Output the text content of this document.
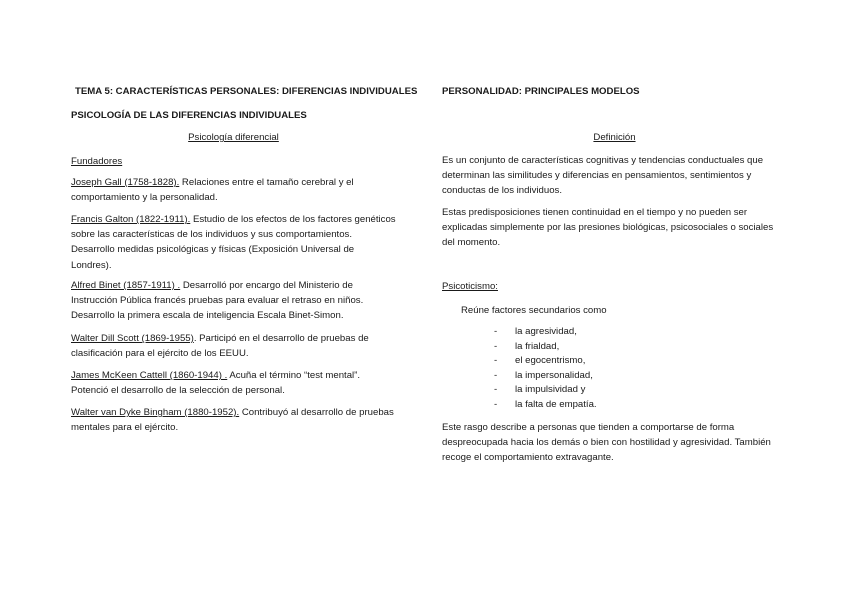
TEMA 5: CARACTERÍSTICAS PERSONALES: DIFERENCIAS INDIVIDUALES
PSICOLOGÍA DE LAS DIFERENCIAS INDIVIDUALES
Psicología diferencial
Fundadores
Joseph Gall (1758-1828). Relaciones entre el tamaño cerebral y el comportamiento y la personalidad.
Francis Galton (1822-1911). Estudio de los efectos de los factores genéticos sobre las características de los individuos y sus comportamientos. Desarrollo medidas psicológicas y físicas (Exposición Universal de Londres).
Alfred Binet (1857-1911) . Desarrolló por encargo del Ministerio de Instrucción Pública francés pruebas para evaluar el retraso en niños. Desarrollo la primera escala de inteligencia Escala Binet-Simon.
Walter Dill Scott (1869-1955). Participó en el desarrollo de pruebas de clasificación para el ejército de los EEUU.
James McKeen Cattell (1860-1944) . Acuña el término “test mental”. Potenció el desarrollo de la selección de personal.
Walter van Dyke Bingham (1880-1952). Contribuyó al desarrollo de pruebas mentales para el ejército.
PERSONALIDAD: PRINCIPALES MODELOS
Definición
Es un conjunto de características cognitivas y tendencias conductuales que determinan las similitudes y diferencias en pensamientos, sentimientos y conductas de los individuos.
Estas predisposiciones tienen continuidad en el tiempo y no pueden ser explicadas simplemente por las presiones biológicas, psicosociales o sociales del momento.
Psicoticismo:
Reúne factores secundarios como
- la agresividad,
- la frialdad,
- el egocentrismo,
- la impersonalidad,
- la impulsividad y
- la falta de empatía.
Este rasgo describe a personas que tienden a comportarse de forma despreocupada hacia los demás o bien con hostilidad y agresividad. También recoge el comportamiento extravagante.
